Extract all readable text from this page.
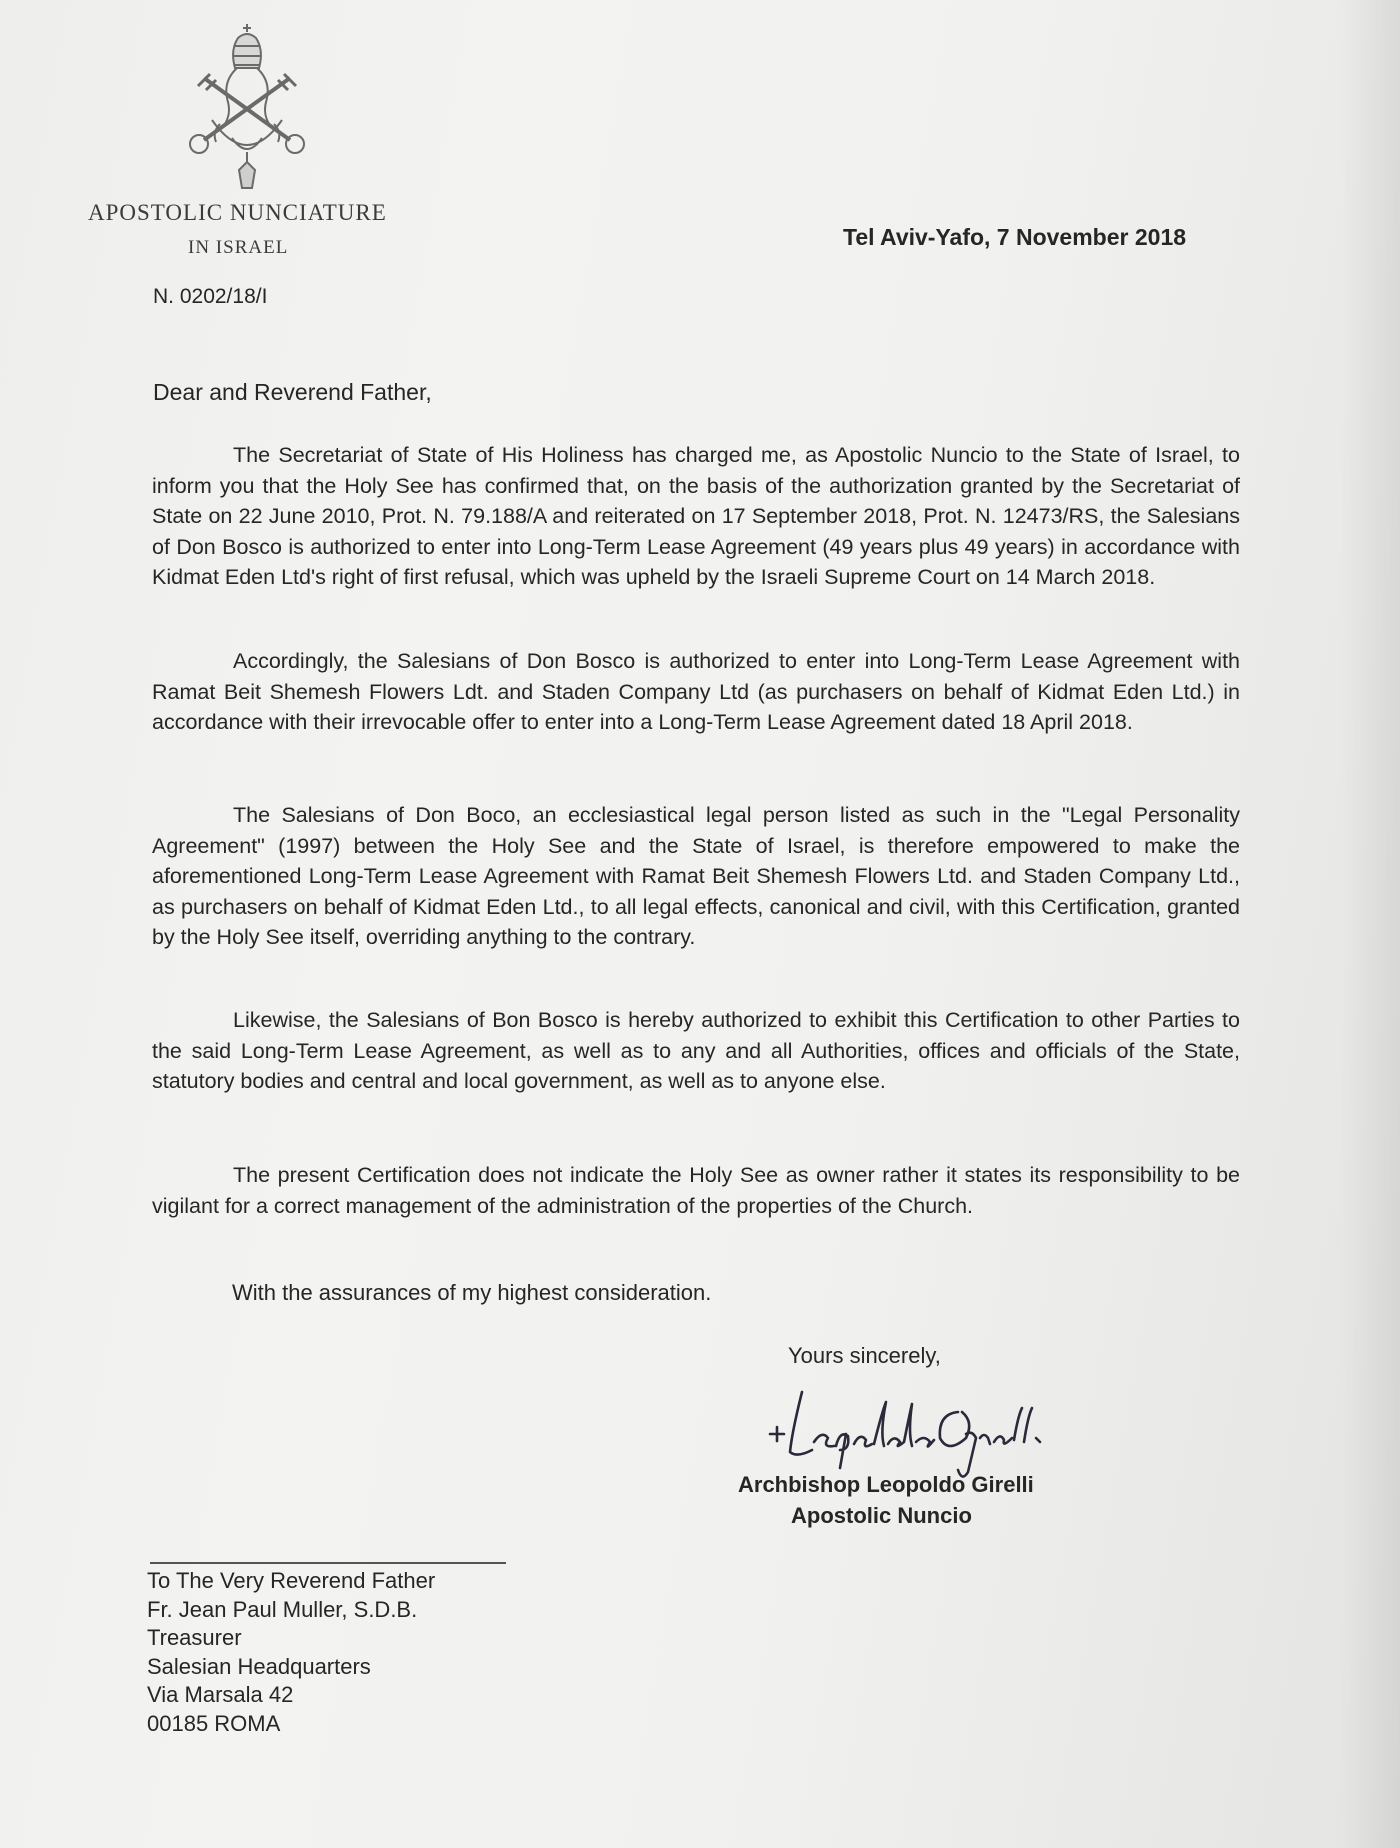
APOSTOLIC NUNCIATURE
IN ISRAEL
N. 0202/18/I
Tel Aviv-Yafo, 7 November 2018
Dear and Reverend Father,
The Secretariat of State of His Holiness has charged me, as Apostolic Nuncio to the State of Israel, to inform you that the Holy See has confirmed that, on the basis of the authorization granted by the Secretariat of State on 22 June 2010, Prot. N. 79.188/A and reiterated on 17 September 2018, Prot. N. 12473/RS, the Salesians of Don Bosco is authorized to enter into Long-Term Lease Agreement (49 years plus 49 years) in accordance with Kidmat Eden Ltd's right of first refusal, which was upheld by the Israeli Supreme Court on 14 March 2018.
Accordingly, the Salesians of Don Bosco is authorized to enter into Long-Term Lease Agreement with Ramat Beit Shemesh Flowers Ldt. and Staden Company Ltd (as purchasers on behalf of Kidmat Eden Ltd.) in accordance with their irrevocable offer to enter into a Long-Term Lease Agreement dated 18 April 2018.
The Salesians of Don Boco, an ecclesiastical legal person listed as such in the "Legal Personality Agreement" (1997) between the Holy See and the State of Israel, is therefore empowered to make the aforementioned Long-Term Lease Agreement with Ramat Beit Shemesh Flowers Ltd. and Staden Company Ltd., as purchasers on behalf of Kidmat Eden Ltd., to all legal effects, canonical and civil, with this Certification, granted by the Holy See itself, overriding anything to the contrary.
Likewise, the Salesians of Bon Bosco is hereby authorized to exhibit this Certification to other Parties to the said Long-Term Lease Agreement, as well as to any and all Authorities, offices and officials of the State, statutory bodies and central and local government, as well as to anyone else.
The present Certification does not indicate the Holy See as owner rather it states its responsibility to be vigilant for a correct management of the administration of the properties of the Church.
With the assurances of my highest consideration.
Yours sincerely,
Archbishop Leopoldo Girelli
Apostolic Nuncio
To The Very Reverend Father
Fr. Jean Paul Muller, S.D.B.
Treasurer
Salesian Headquarters
Via Marsala 42
00185 ROMA
